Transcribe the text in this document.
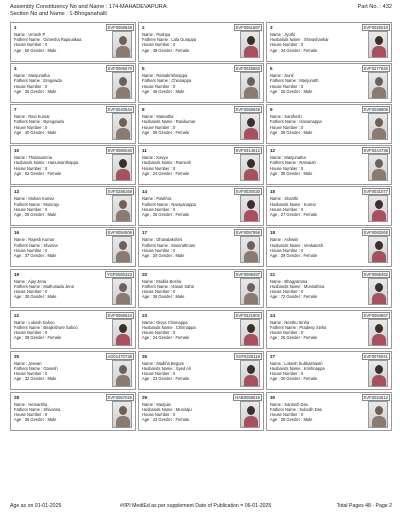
Assembly Constituency No and Name : 174-MAHADEVAPURA
Section No and Name : 1-Bhoganahalli
Part No. : 432
1	SVF0055846
Name : Umesh P
Fathers Name : Gimesha Rajanaikaa
House Number : 0
Age : 60 Gender : Male
2	SVF0061887
Name : Pushpa
Fathers Name : Lala Gurappa
House Number : 0
Age : 48 Gender : Female
3	SVF0025010
Name : Jyothi
Husbands Name : Shivashankar
House Number : 0
Age : 34 Gender : Female
4	SVF0065570
Name : Manjunatha
Fathers Name : Eregowda
House Number : 0
Age : 35 Gender : Male
5	SVF0025883
Name : Ramakrishnappa
Fathers Name : Chinnappa
House Number : 0
Age : 49 Gender : Male
6	SVF0277640
Name : Sunil
Fathers Name : Manjunath
House Number : 0
Age : 25 Gender : Male
7	SVF0040544
Name : Ravi Kumar
Fathers Name : Byregowda
House Number : 0
Age : 40 Gender : Male
8	SVF0056949
Name : Mamatha
Husbands Name : Ravikumar
House Number : 0
Age : 29 Gender : Female
9	SVF0048906
Name : Santhosh
Fathers Name : Hanumappa
House Number : 0
Age : 28 Gender : Male
10	SVF0080040
Name : Thulasamma
Husbands Name : Hanumanthappa
House Number : 0
Age : 62 Gender : Female
11	SVF0314612
Name : Kavya
Husbands Name : Ramesh
House Number : 0
Age : 24 Gender : Female
12	SVF0244738
Name : Manjunatha
Fathers Name : Ramaiah
House Number : 0
Age : 38 Gender : Male
13	SVF0288168
Name : Mohan Kumar
Fathers Name : Muniraju
House Number : 0
Age : 29 Gender : Male
14	SVF0020030
Name : Pavithra
Fathers Name : Narayanappa
House Number : 0
Age : 26 Gender : Female
15	SVF0031077
Name : Shanthi
Husbands Name : Kumar
House Number : 0
Age : 27 Gender : Female
16	SVF0094506
Name : Rajesh Kumar
Fathers Name : Sharma
House Number : 0
Age : 37 Gender : Male
17	SVF0057959
Name : Dhanalakshmi
Fathers Name : Munirathnam
House Number : 0
Age : 20 Gender : Male
18	SVF0082068
Name : Ashwini
Husbands Name : Venkatesh
House Number : 0
Age : 29 Gender : Female
19	YGP0050323
Name : Ajay Jena
Fathers Name : Muthunada Jena
House Number : 0
Age : 30 Gender : Male
20	SVF0089287
Name : Modila Bosha
Fathers Name : Hasan Saha
House Number : 0
Age : 36 Gender : Male
21	SVF0085462
Name : Bhagyamma
Husbands Name : Munirathna
House Number : 0
Age : 72 Gender : Female
22	SVF0056524
Name : Lokesh Sahoo
Fathers Name : Birajkishore Sahoo
House Number : 0
Age : 39 Gender : Female
23	SVF0321802
Name : Divya Chinnappa
Husbands Name : Chinnappa
House Number : 0
Age : 24 Gender : Female
24	SVF0094867
Name : Neethu Sinha
Fathers Name : Pradeep Sinha
House Number : 0
Age : 26 Gender : Female
25	AD01470736
Name : Jeevan
Fathers Name : Ganesh
House Number : 0
Age : 32 Gender : Male
26	SVF0226119
Name : Madiha Begum
Husbands Name : Syed Ali
House Number : 0
Age : 23 Gender : Female
27	SVF0076041
Name : Lokesh Subbashastri
Husbands Name : Krishnappa
House Number : 0
Age : 30 Gender : Female
28	SVF0057026
Name : Hemantha
Fathers Name : Shivanna
House Number : 0
Age : 36 Gender : Male
29	HAB0058516
Name : Manjula
Husbands Name : Muniraju
House Number : 0
Age : 43 Gender : Female
30	SVF0024512
Name : Santosh Das
Fathers Name : Subodh Das
House Number : 0
Age : 28 Gender : Male
Age as on 01-01-2025	#/IPI MediEd as per supplement Date of Publication = 06-01-2025	Total Pages 48 - Page 2
